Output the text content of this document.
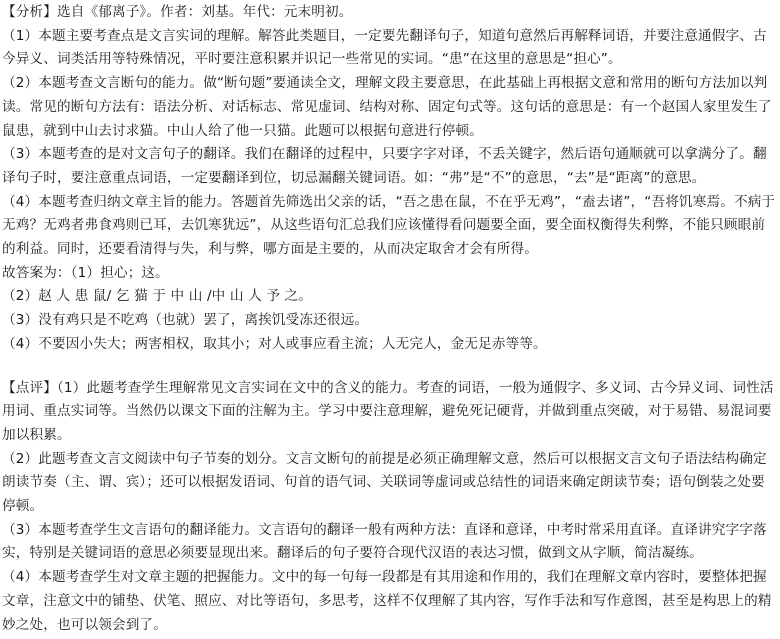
【分析】选自《郁离子》。作者：刘基。年代：元末明初。

（1）本题主要考查点是文言实词的理解。解答此类题目，一定要先翻译句子，知道句意然后再解释词语，并要注意通假字、古今异义、词类活用等特殊情况，平时要注意积累并识记一些常见的实词。“患”在这里的意思是“担心”。

（2）本题考查文言断句的能力。做“断句题”要通读全文，理解文段主要意思，在此基础上再根据文意和常用的断句方法加以判读。常见的断句方法有：语法分析、对话标志、常见虚词、结构对称、固定句式等。这句话的意思是：有一个赵国人家里发生了鼠患，就到中山去讨求猫。中山人给了他一只猫。此题可以根据句意进行停顿。

（3）本题考查的是对文言句子的翻译。我们在翻译的过程中，只要字字对译，不丢关键字，然后语句通顺就可以拿满分了。翻译句子时，要注意重点词语，一定要翻译到位，切忌漏翻关键词语。如：“弗”是“不”的意思，“去”是“距离”的意思。

（4）本题考查归纳文章主旨的能力。答题首先筛选出父亲的话，“吾之患在鼠，不在乎无鸡”，“盍去诸”，“吾将饥寒焉。不病于无鸡？无鸡者弗食鸡则已耳，去饥寒犹远”，从这些语句汇总我们应该懂得看问题要全面，要全面权衡得失利弊，不能只顾眼前的利益。同时，还要看清得与失，利与弊，哪方面是主要的，从而决定取舍才会有所得。

故答案为：（1）担心；这。

（2）赵 人 患 鼠/ 乞 猫 于 中 山 /中 山 人 予 之。

（3）没有鸡只是不吃鸡（也就）罢了，离挨饥受冻还很远。

（4）不要因小失大；两害相权，取其小；对人或事应看主流；人无完人，金无足赤等等。

【点评】（1）此题考查学生理解常见文言实词在文中的含义的能力。考查的词语，一般为通假字、多义词、古今异义词、词性活用词、重点实词等。当然仍以课文下面的注解为主。学习中要注意理解，避免死记硬背，并做到重点突破，对于易错、易混词要加以积累。

（2）此题考查文言文阅读中句子节奏的划分。文言文断句的前提是必须正确理解文意，然后可以根据文言文句子语法结构确定朗读节奏（主、谓、宾）；还可以根据发语词、句首的语气词、关联词等虚词或总结性的词语来确定朗读节奏；语句倒装之处要停顿。

（3）本题考查学生文言语句的翻译能力。文言语句的翻译一般有两种方法：直译和意译，中考时常采用直译。直译讲究字字落实，特别是关键词语的意思必须要显现出来。翻译后的句子要符合现代汉语的表达习惯，做到文从字顺，简洁凝练。

（4）本题考查学生对文章主题的把握能力。文中的每一句每一段都是有其用途和作用的，我们在理解文章内容时，要整体把握文章，注意文中的铺垫、伏笔、照应、对比等语句，多思考，这样不仅理解了其内容，写作手法和写作意图，甚至是构思上的精妙之处，也可以领会到了。
